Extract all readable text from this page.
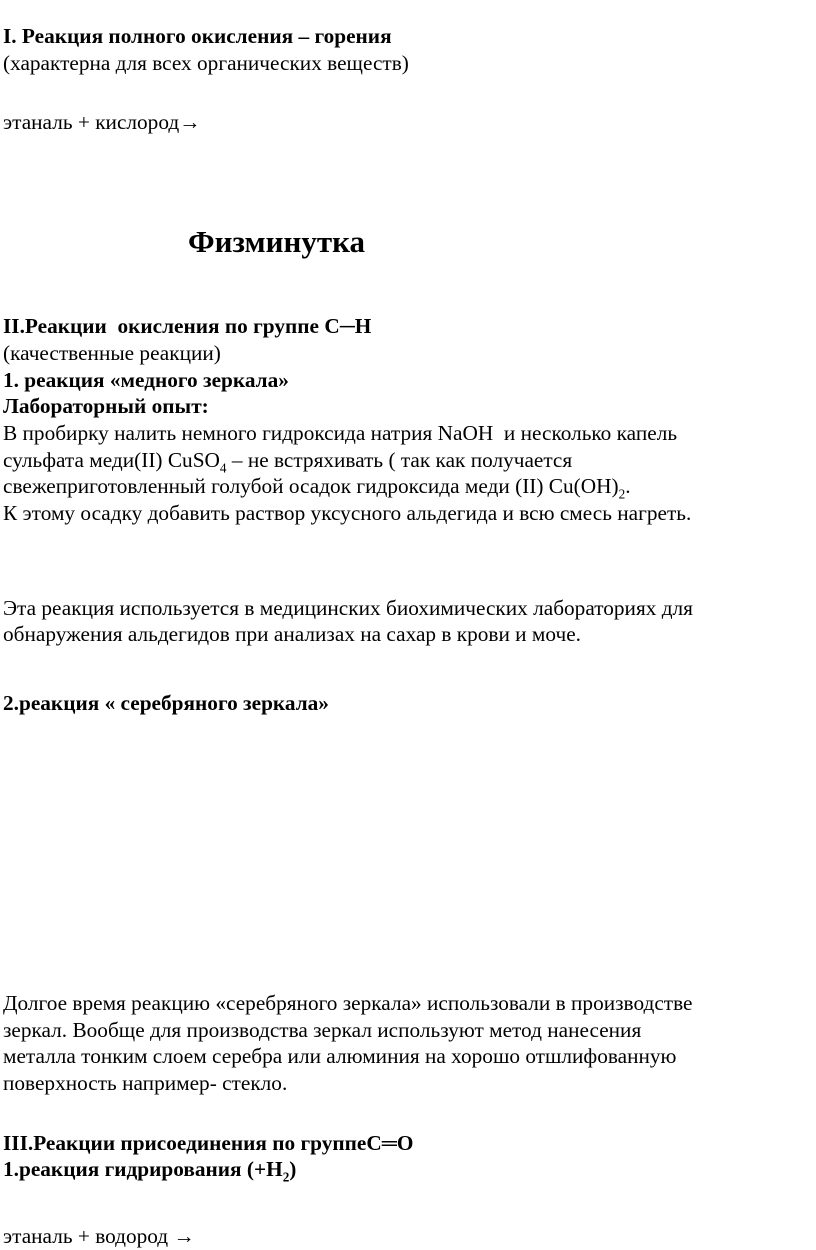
I. Реакция полного окисления – горения

(характерна для всех органических веществ)

этаналь + кислород→

Физминутка

II.Реакции  окисления по группе С─Н

(качественные реакции)

1. реакция «медного зеркала»

Лабораторный опыт:

В пробирку налить немного гидроксида натрия NaOH  и несколько капель
сульфата меди(II) CuSO$_4$ – не встряхивать ( так как получается
свежеприготовленный голубой осадок гидроксида меди (II) $Cu(OH)_2$.
К этому осадку добавить раствор уксусного альдегида и всю смесь нагреть.
Эта реакция используется в медицинских биохимических лабораториях для
обнаружения альдегидов при анализах на сахар в крови и моче.

2.реакция « серебряного зеркала»

Долгое время реакцию «серебряного зеркала» использовали в производстве
зеркал. Вообще для производства зеркал используют метод нанесения
металла тонким слоем серебра или алюминия на хорошо отшлифованную
поверхность например- стекло.

III.Реакции присоединения по группеС═О

1.реакция гидрирования $(+Н_2)$

этаналь + водород →
